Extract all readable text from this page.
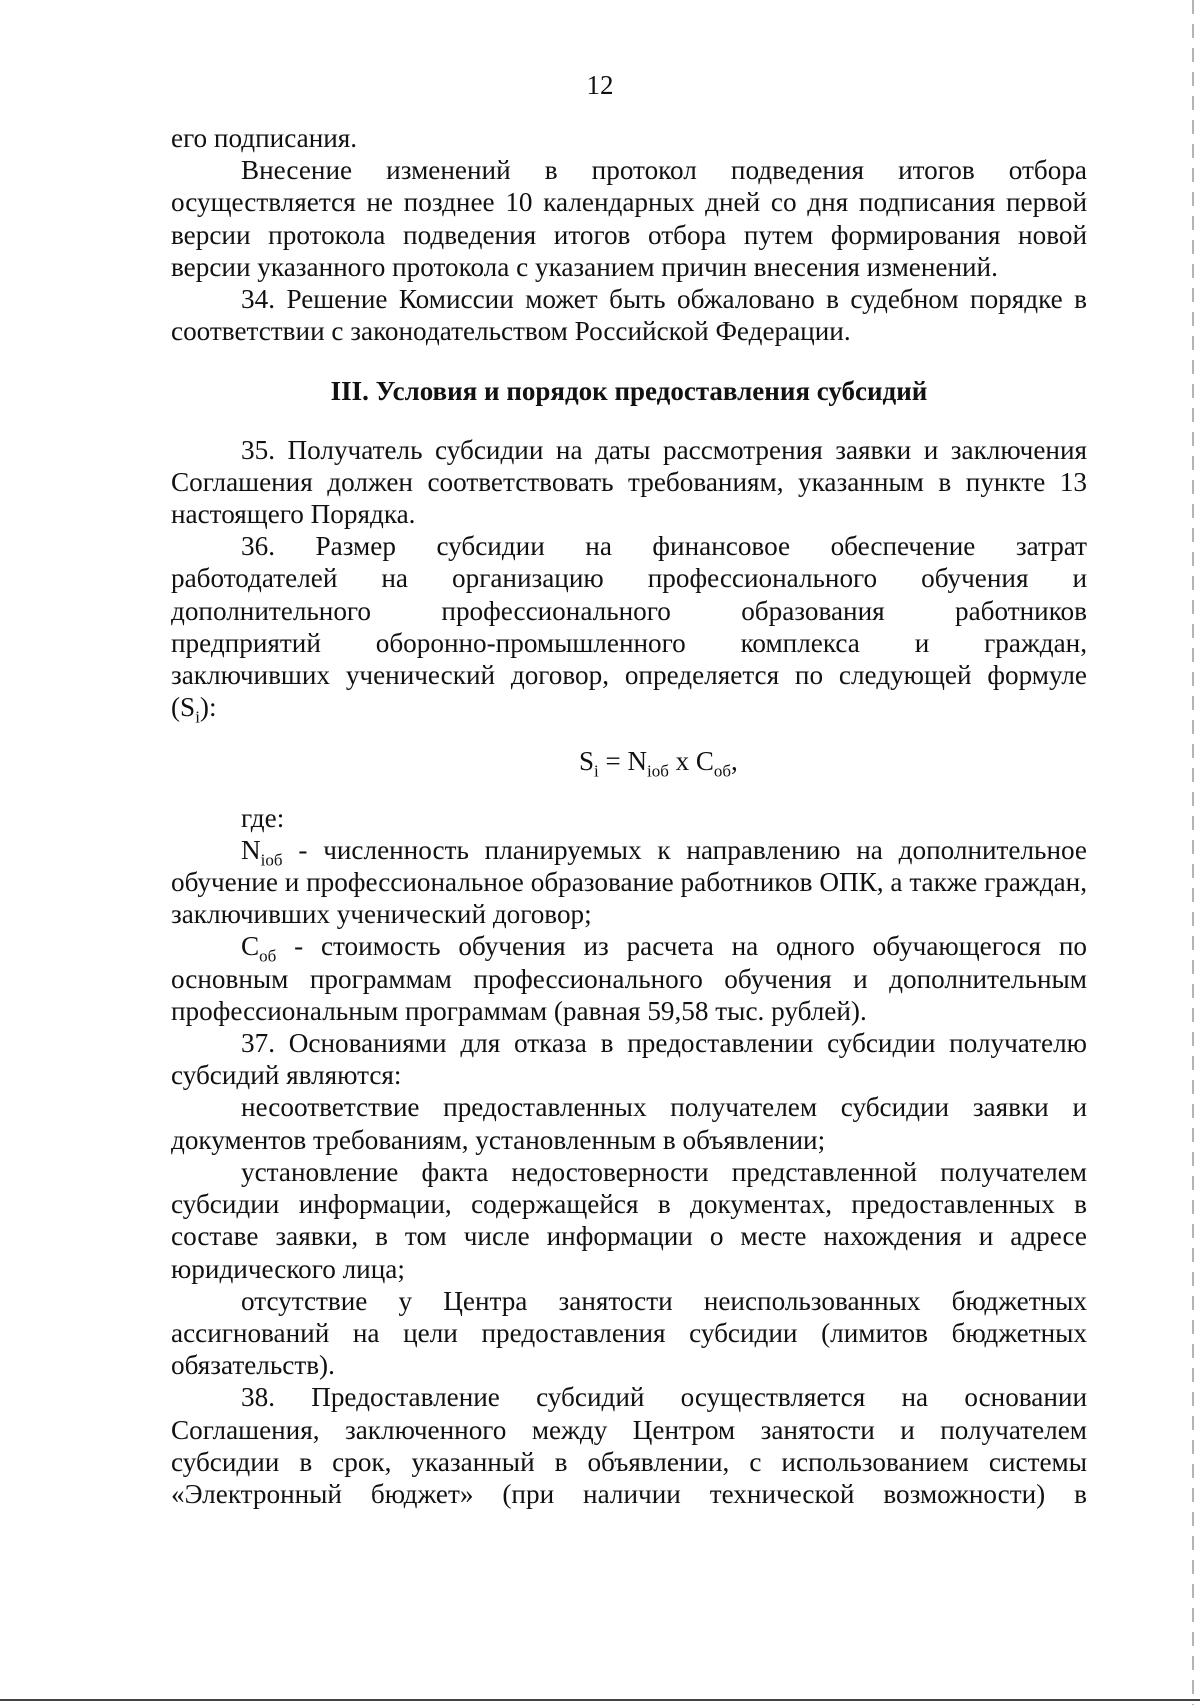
12

его подписания.

Внесение изменений в протокол подведения итогов отбора осуществляется не позднее 10 календарных дней со дня подписания первой версии протокола подведения итогов отбора путем формирования новой версии указанного протокола с указанием причин внесения изменений.

34. Решение Комиссии может быть обжаловано в судебном порядке в соответствии с законодательством Российской Федерации.

III. Условия и порядок предоставления субсидий

35. Получатель субсидии на даты рассмотрения заявки и заключения Соглашения должен соответствовать требованиям, указанным в пункте 13 настоящего Порядка.

36. Размер субсидии на финансовое обеспечение затрат
работодателей на организацию профессионального обучения и
дополнительного профессионального образования работников
предприятий оборонно-промышленного комплекса и граждан,
заключивших ученический договор, определяется по следующей формуле
$(S_i)$:
$S_i = N_{iоб}$ x $C_{об}$,

где:

$N_{iоб}$ - численность планируемых к направлению на дополнительное обучение и профессиональное образование работников ОПК, а также граждан, заключивших ученический договор;

$C_{об}$ - стоимость обучения из расчета на одного обучающегося по основным программам профессионального обучения и дополнительным профессиональным программам (равная 59,58 тыс. рублей).

37. Основаниями для отказа в предоставлении субсидии получателю субсидий являются:

несоответствие предоставленных получателем субсидии заявки и документов требованиям, установленным в объявлении;

установление факта недостоверности представленной получателем субсидии информации, содержащейся в документах, предоставленных в составе заявки, в том числе информации о месте нахождения и адресе юридического лица;

отсутствие у Центра занятости неиспользованных бюджетных ассигнований на цели предоставления субсидии (лимитов бюджетных обязательств).

38. Предоставление субсидий осуществляется на основании Соглашения, заключенного между Центром занятости и получателем субсидии в срок, указанный в объявлении, с использованием системы «Электронный бюджет» (при наличии технической возможности) в
